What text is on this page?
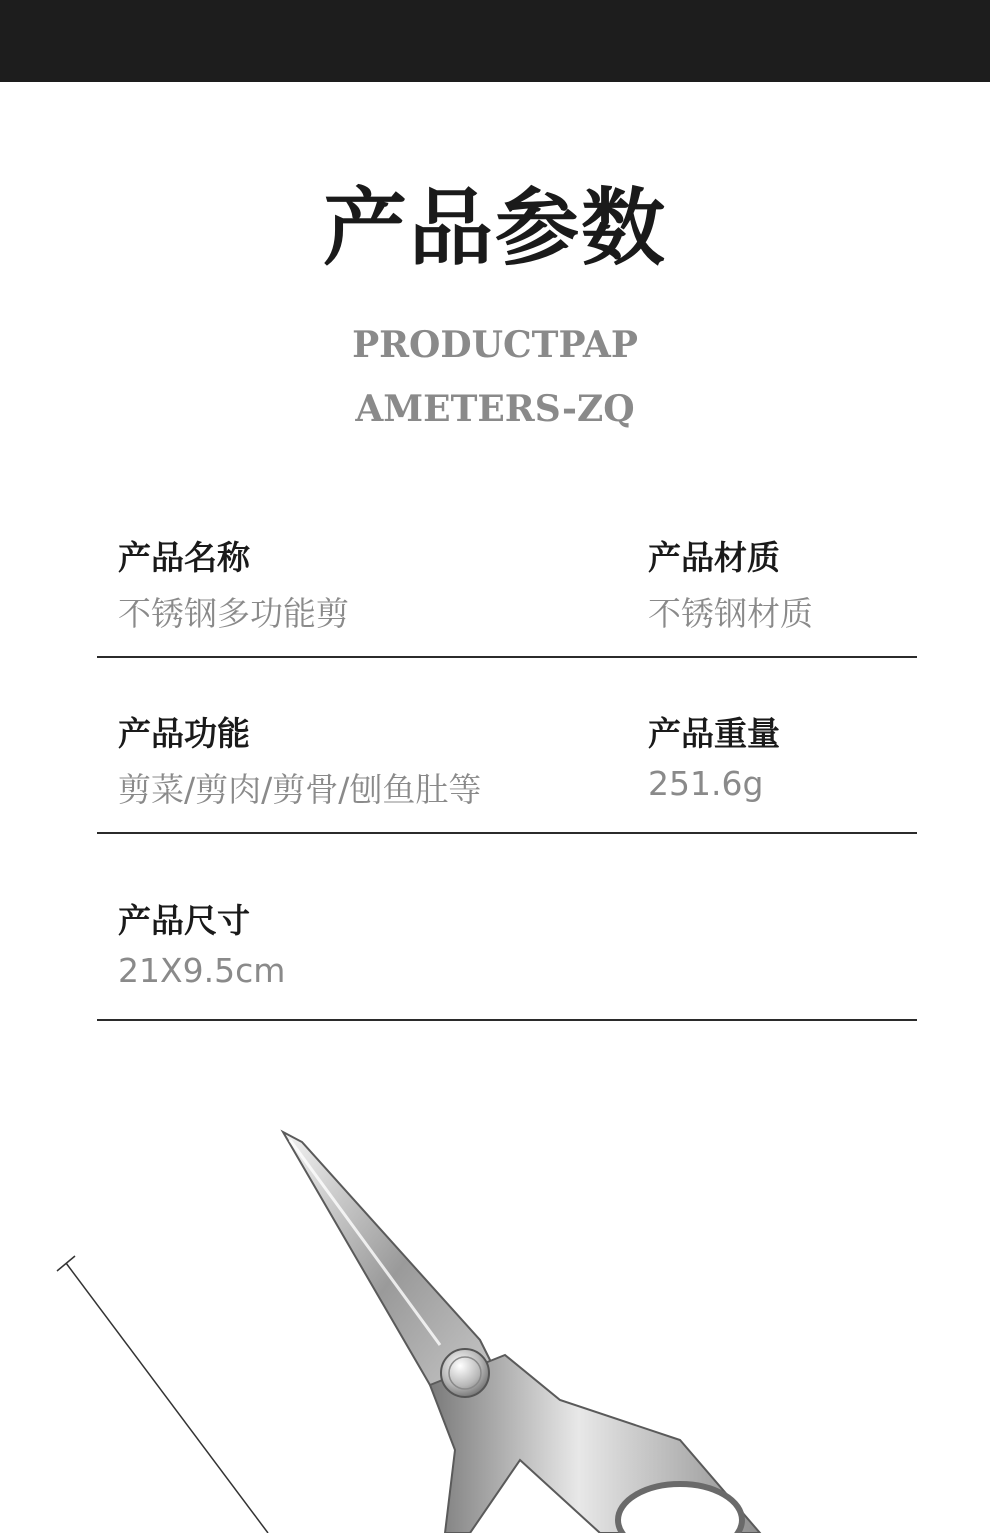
产品参数
PRODUCTPAP
AMETERS-ZQ
产品名称
不锈钢多功能剪
产品材质
不锈钢材质
产品功能
剪菜/剪肉/剪骨/刨鱼肚等
产品重量
251.6g
产品尺寸
21X9.5cm
